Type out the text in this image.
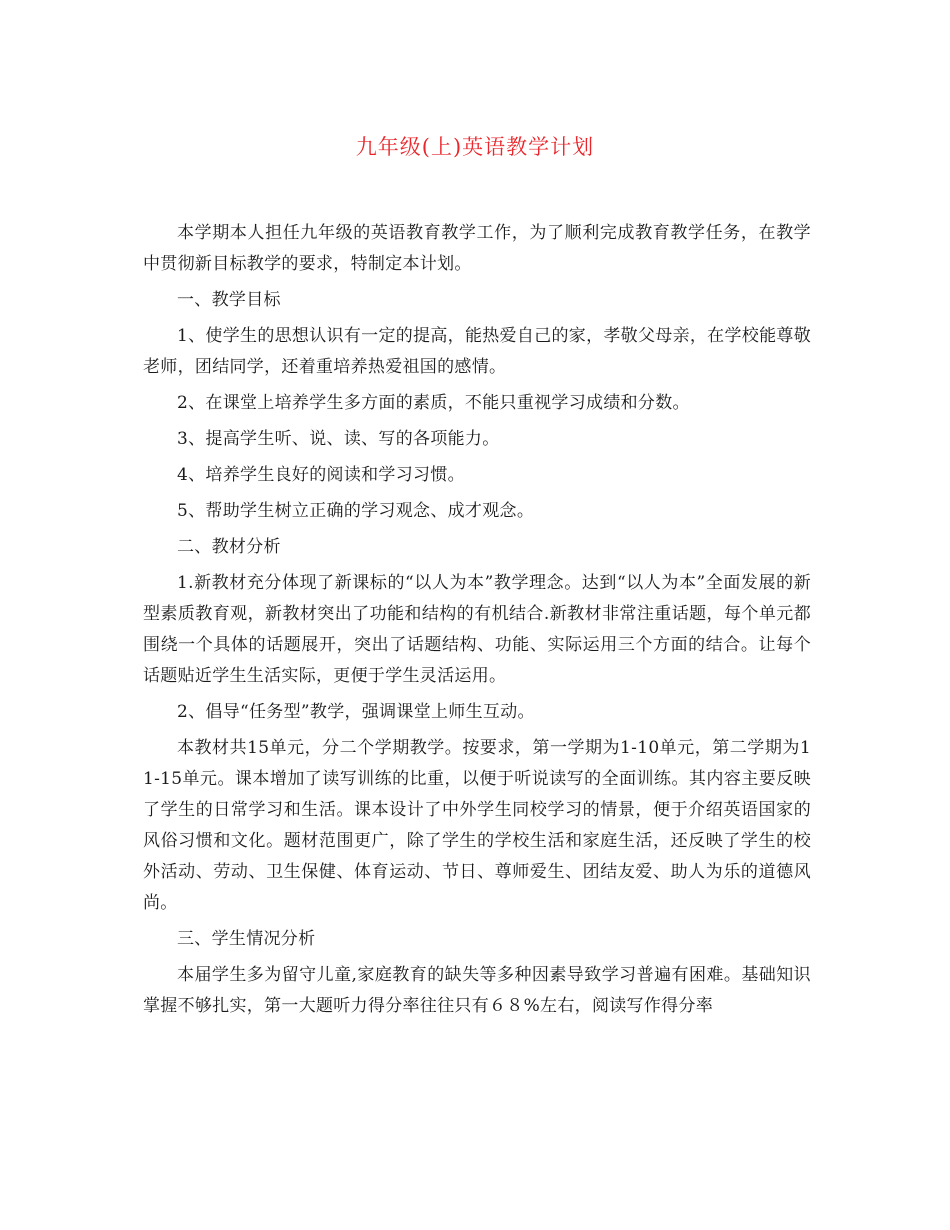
九年级(上)英语教学计划

本学期本人担任九年级的英语教育教学工作，为了顺利完成教育教学任务，在教学中贯彻新目标教学的要求，特制定本计划。

一、教学目标

1、使学生的思想认识有一定的提高，能热爱自己的家，孝敬父母亲，在学校能尊敬老师，团结同学，还着重培养热爱祖国的感情。

2、在课堂上培养学生多方面的素质，不能只重视学习成绩和分数。

3、提高学生听、说、读、写的各项能力。

4、培养学生良好的阅读和学习习惯。

5、帮助学生树立正确的学习观念、成才观念。

二、教材分析

1.新教材充分体现了新课标的“以人为本”教学理念。达到“以人为本”全面发展的新型素质教育观，新教材突出了功能和结构的有机结合.新教材非常注重话题，每个单元都围绕一个具体的话题展开，突出了话题结构、功能、实际运用三个方面的结合。让每个话题贴近学生生活实际，更便于学生灵活运用。

2、倡导“任务型”教学，强调课堂上师生互动。

本教材共15单元，分二个学期教学。按要求，第一学期为1-10单元，第二学期为11-15单元。课本增加了读写训练的比重，以便于听说读写的全面训练。其内容主要反映了学生的日常学习和生活。课本设计了中外学生同校学习的情景，便于介绍英语国家的风俗习惯和文化。题材范围更广，除了学生的学校生活和家庭生活，还反映了学生的校外活动、劳动、卫生保健、体育运动、节日、尊师爱生、团结友爱、助人为乐的道德风尚。

三、学生情况分析

本届学生多为留守儿童,家庭教育的缺失等多种因素导致学习普遍有困难。基础知识掌握不够扎实，第一大题听力得分率往往只有６８%左右，阅读写作得分率
